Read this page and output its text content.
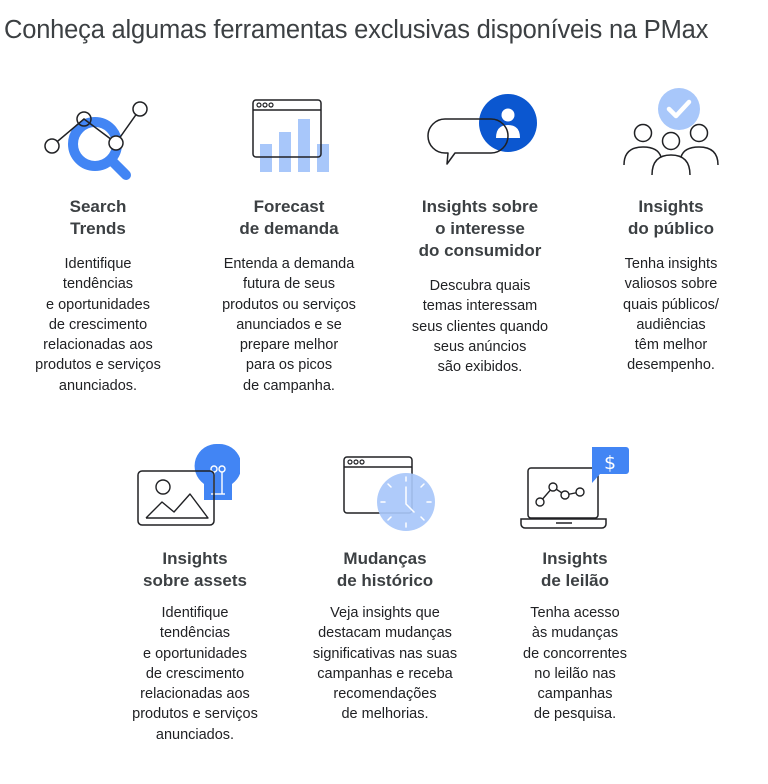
Conheça algumas ferramentas exclusivas disponíveis na PMax
Search
Trends
Identifique
tendências
e oportunidades
de crescimento
relacionadas aos
produtos e serviços
anunciados.
Forecast
de demanda
Entenda a demanda
futura de seus
produtos ou serviços
anunciados e se
prepare melhor
para os picos
de campanha.
Insights sobre
o interesse
do consumidor
Descubra quais
temas interessam
seus clientes quando
seus anúncios
são exibidos.
Insights
do público
Tenha insights
valiosos sobre
quais públicos/
audiências
têm melhor
desempenho.
Insights
sobre assets
Identifique
tendências
e oportunidades
de crescimento
relacionadas aos
produtos e serviços
anunciados.
Mudanças
de histórico
Veja insights que
destacam mudanças
significativas nas suas
campanhas e receba
recomendações
de melhorias.
$
Insights
de leilão
Tenha acesso
às mudanças
de concorrentes
no leilão nas
campanhas
de pesquisa.
